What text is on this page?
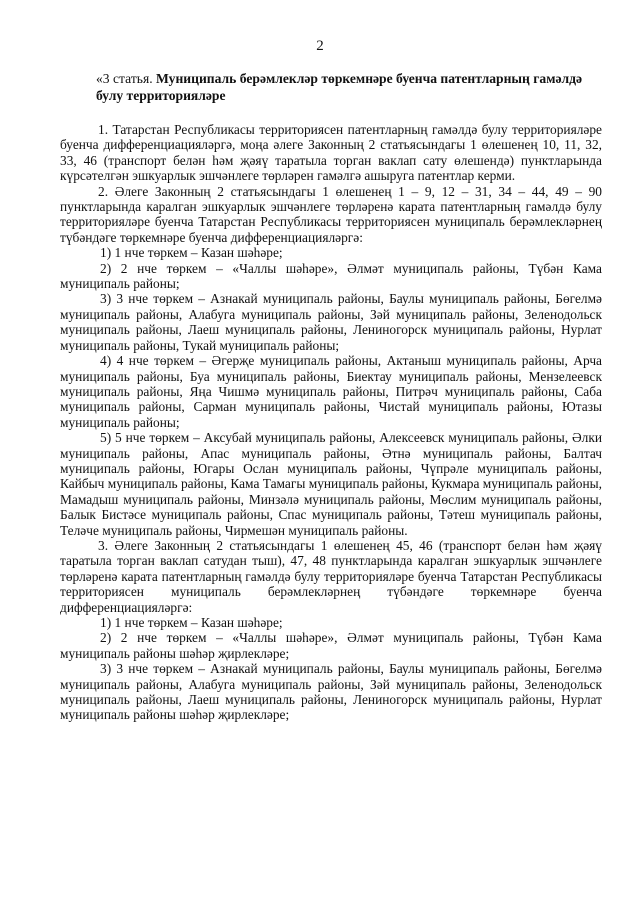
2
«3 статья. Муниципаль берәмлекләр төркемнәре буенча патентларның гамәлдә булу территорияләре

1. Татарстан Республикасы территориясен патентларның гамәлдә булу территорияләре буенча дифференциацияләргә, моңа әлеге Законның 2 статьясындагы 1 өлешенең 10, 11, 32, 33, 46 (транспорт белән һәм җәяү таратыла торган ваклап сату өлешендә) пунктларында күрсәтелгән эшкуарлык эшчәнлеге төрләрен гамәлгә ашыруга патентлар керми.

2. Әлеге Законның 2 статьясындагы 1 өлешенең 1 – 9, 12 – 31, 34 – 44, 49 – 90 пунктларында каралган эшкуарлык эшчәнлеге төрләренә карата патентларның гамәлдә булу территорияләре буенча Татарстан Республикасы территориясен муниципаль берәмлекләрнең түбәндәге төркемнәре буенча дифференциацияләргә:

1) 1 нче төркем – Казан шәһәре;

2) 2 нче төркем – «Чаллы шәһәре», Әлмәт муниципаль районы, Түбән Кама муниципаль районы;

3) 3 нче төркем – Азнакай муниципаль районы, Баулы муниципаль районы, Бөгелмә муниципаль районы, Алабуга муниципаль районы, Зәй муниципаль районы, Зеленодольск муниципаль районы, Лаеш муниципаль районы, Лениногорск муниципаль районы, Нурлат муниципаль районы, Тукай муниципаль районы;

4) 4 нче төркем – Әгерҗе муниципаль районы, Актаныш муниципаль районы, Арча муниципаль районы, Буа муниципаль районы, Биектау муниципаль районы, Мензелеевск муниципаль районы, Яңа Чишмә муниципаль районы, Питрәч муниципаль районы, Саба муниципаль районы, Сарман муниципаль районы, Чистай муниципаль районы, Ютазы муниципаль районы;

5) 5 нче төркем – Аксубай муниципаль районы, Алексеевск муниципаль районы, Әлки муниципаль районы, Апас муниципаль районы, Әтнә муниципаль районы, Балтач муниципаль районы, Югары Ослан муниципаль районы, Чүпрәле муниципаль районы, Кайбыч муниципаль районы, Кама Тамагы муниципаль районы, Кукмара муниципаль районы, Мамадыш муниципаль районы, Минзәлә муниципаль районы, Мөслим муниципаль районы, Балык Бистәсе муниципаль районы, Спас муниципаль районы, Тәтеш муниципаль районы, Теләче муниципаль районы, Чирмешән муниципаль районы.

3. Әлеге Законның 2 статьясындагы 1 өлешенең 45, 46 (транспорт белән һәм җәяү таратыла торган ваклап сатудан тыш), 47, 48 пунктларында каралган эшкуарлык эшчәнлеге төрләренә карата патентларның гамәлдә булу территорияләре буенча Татарстан Республикасы территориясен муниципаль берәмлекләрнең түбәндәге төркемнәре буенча дифференциацияләргә:

1) 1 нче төркем – Казан шәһәре;

2) 2 нче төркем – «Чаллы шәһәре», Әлмәт муниципаль районы, Түбән Кама муниципаль районы шәһәр җирлекләре;

3) 3 нче төркем – Азнакай муниципаль районы, Баулы муниципаль районы, Бөгелмә муниципаль районы, Алабуга муниципаль районы, Зәй муниципаль районы, Зеленодольск муниципаль районы, Лаеш муниципаль районы, Лениногорск муниципаль районы, Нурлат муниципаль районы шәһәр җирлекләре;
